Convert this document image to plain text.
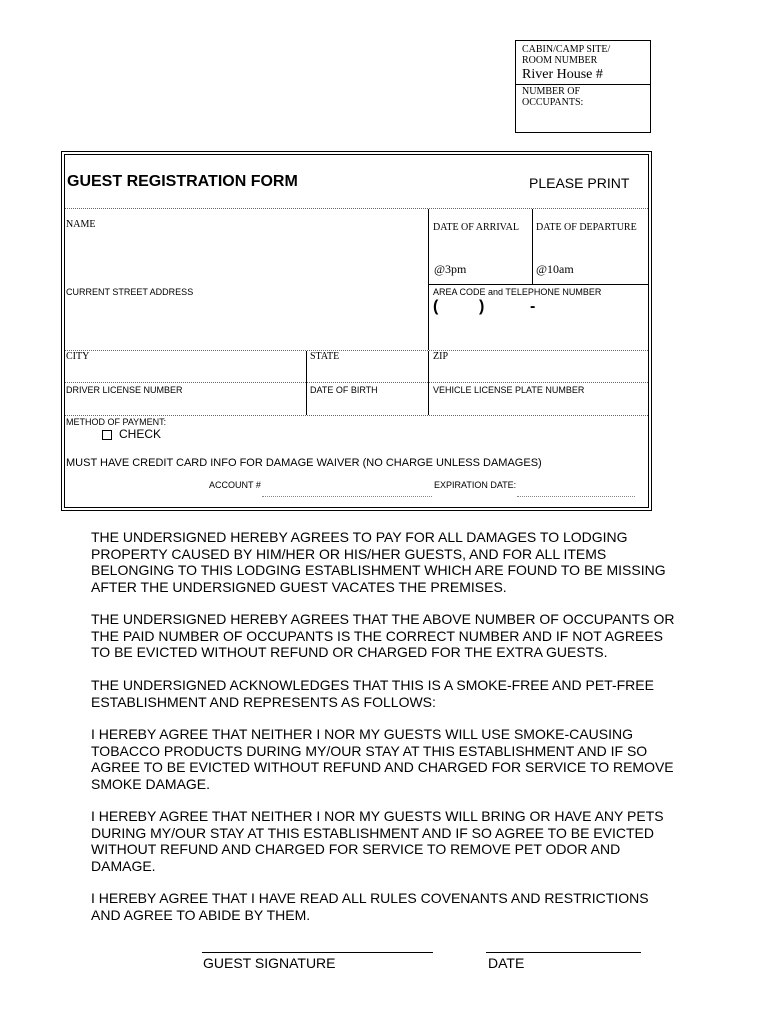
CABIN/CAMP SITE/
ROOM NUMBER
River House #
NUMBER OF
OCCUPANTS:
GUEST REGISTRATION FORM	PLEASE PRINT
NAME	DATE OF ARRIVAL DATE OF DEPARTURE
@3pm	@10am
CURRENT STREET ADDRESS	AREA CODE and TELEPHONE NUMBER
(	)	-
CITY	STATE	ZIP
DRIVER LICENSE NUMBER	DATE OF BIRTH	VEHICLE LICENSE PLATE NUMBER
METHOD OF PAYMENT:
CHECK
MUST HAVE CREDIT CARD INFO FOR DAMAGE WAIVER (NO CHARGE UNLESS DAMAGES)
ACCOUNT #	EXPIRATION DATE:
THE UNDERSIGNED HEREBY AGREES TO PAY FOR ALL DAMAGES TO LODGING
PROPERTY CAUSED BY HIM/HER OR HIS/HER GUESTS, AND FOR ALL ITEMS
BELONGING TO THIS LODGING ESTABLISHMENT WHICH ARE FOUND TO BE MISSING
AFTER THE UNDERSIGNED GUEST VACATES THE PREMISES.
THE UNDERSIGNED HEREBY AGREES THAT THE ABOVE NUMBER OF OCCUPANTS OR
THE PAID NUMBER OF OCCUPANTS IS THE CORRECT NUMBER AND IF NOT AGREES
TO BE EVICTED WITHOUT REFUND OR CHARGED FOR THE EXTRA GUESTS.
THE UNDERSIGNED ACKNOWLEDGES THAT THIS IS A SMOKE-FREE AND PET-FREE
ESTABLISHMENT AND REPRESENTS AS FOLLOWS:
I HEREBY AGREE THAT NEITHER I NOR MY GUESTS WILL USE SMOKE-CAUSING
TOBACCO PRODUCTS DURING MY/OUR STAY AT THIS ESTABLISHMENT AND IF SO
AGREE TO BE EVICTED WITHOUT REFUND AND CHARGED FOR SERVICE TO REMOVE
SMOKE DAMAGE.
I HEREBY AGREE THAT NEITHER I NOR MY GUESTS WILL BRING OR HAVE ANY PETS
DURING MY/OUR STAY AT THIS ESTABLISHMENT AND IF SO AGREE TO BE EVICTED
WITHOUT REFUND AND CHARGED FOR SERVICE TO REMOVE PET ODOR AND
DAMAGE.
I HEREBY AGREE THAT I HAVE READ ALL RULES COVENANTS AND RESTRICTIONS
AND AGREE TO ABIDE BY THEM.
GUEST SIGNATURE	DATE
